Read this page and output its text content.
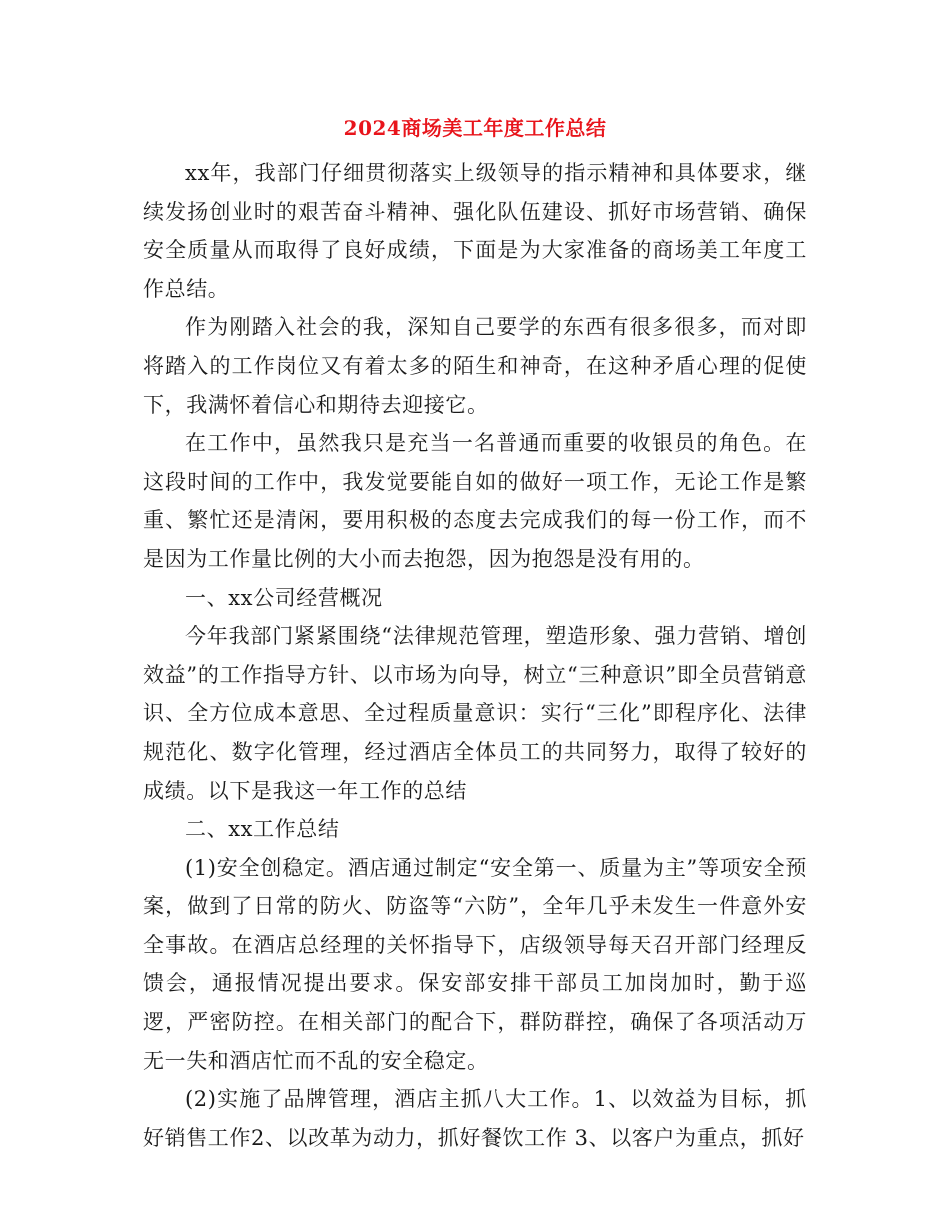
2024商场美工年度工作总结

xx年，我部门仔细贯彻落实上级领导的指示精神和具体要求，继续发扬创业时的艰苦奋斗精神、强化队伍建设、抓好市场营销、确保安全质量从而取得了良好成绩，下面是为大家准备的商场美工年度工作总结。

作为刚踏入社会的我，深知自己要学的东西有很多很多，而对即将踏入的工作岗位又有着太多的陌生和神奇，在这种矛盾心理的促使下，我满怀着信心和期待去迎接它。

在工作中，虽然我只是充当一名普通而重要的收银员的角色。在这段时间的工作中，我发觉要能自如的做好一项工作，无论工作是繁重、繁忙还是清闲，要用积极的态度去完成我们的每一份工作，而不是因为工作量比例的大小而去抱怨，因为抱怨是没有用的。

一、xx公司经营概况

今年我部门紧紧围绕“法律规范管理，塑造形象、强力营销、增创效益”的工作指导方针、以市场为向导，树立“三种意识”即全员营销意识、全方位成本意思、全过程质量意识：实行“三化”即程序化、法律规范化、数字化管理，经过酒店全体员工的共同努力，取得了较好的成绩。以下是我这一年工作的总结

二、xx工作总结

(1)安全创稳定。酒店通过制定“安全第一、质量为主”等项安全预案，做到了日常的防火、防盗等“六防”，全年几乎未发生一件意外安全事故。在酒店总经理的关怀指导下，店级领导每天召开部门经理反馈会，通报情况提出要求。保安部安排干部员工加岗加时，勤于巡逻，严密防控。在相关部门的配合下，群防群控，确保了各项活动万无一失和酒店忙而不乱的安全稳定。

(2)实施了品牌管理，酒店主抓八大工作。1、以效益为目标，抓好销售工作2、以改革为动力，抓好餐饮工作 3、以客户为重点，抓好
